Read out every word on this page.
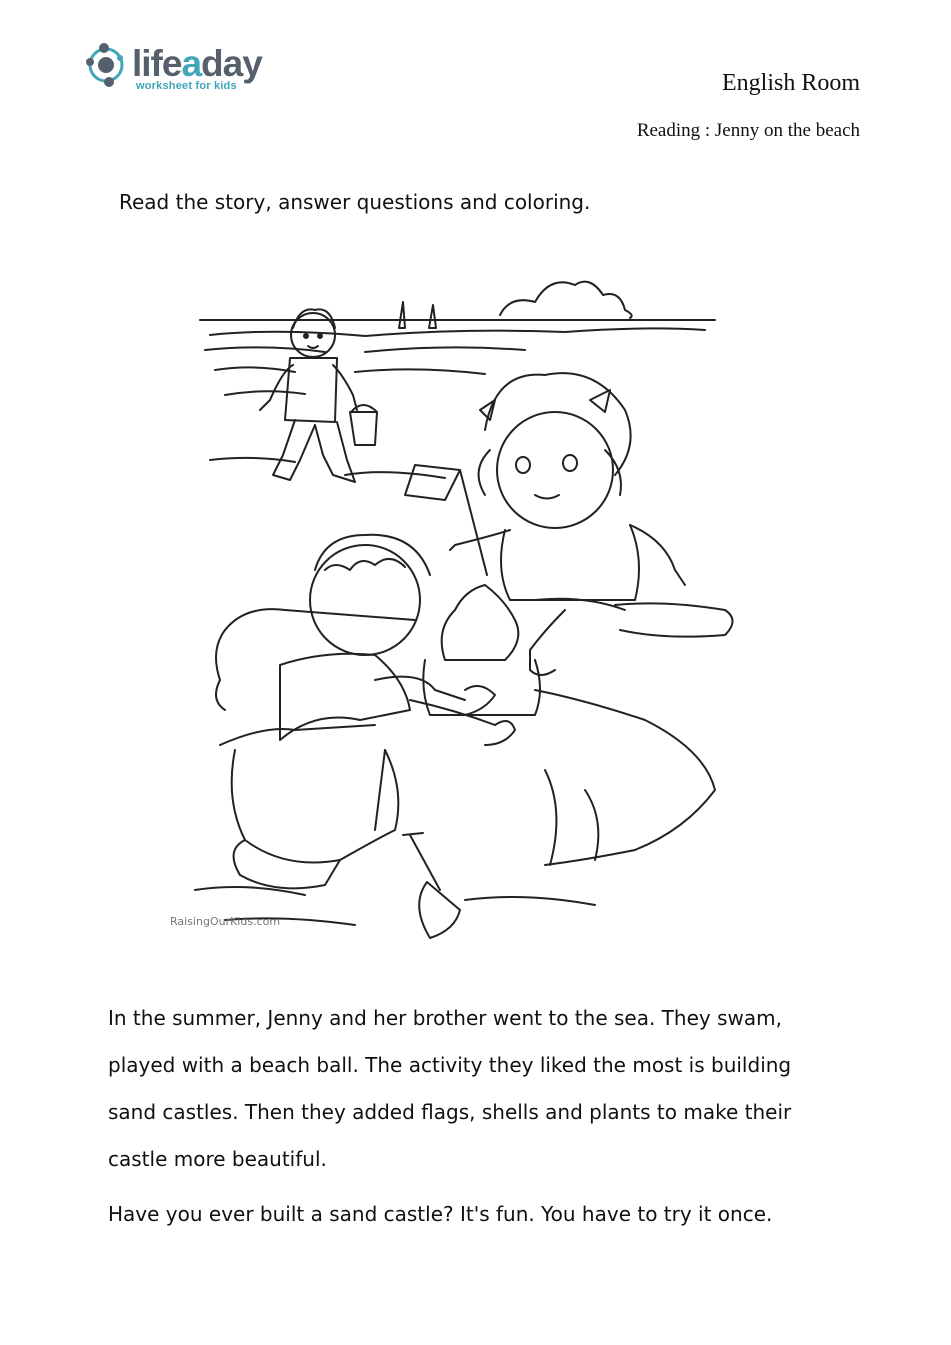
lifeaday
worksheet for kids	English Room
Reading : Jenny on the beach
Read the story, answer questions and coloring.
RaisingOurKids.com
In the summer, Jenny and her brother went to the sea. They swam, played with a beach ball. The activity they liked the most is building sand castles. Then they added flags, shells and plants to make their castle more beautiful.
Have you ever built a sand castle? It's fun. You have to try it once.
